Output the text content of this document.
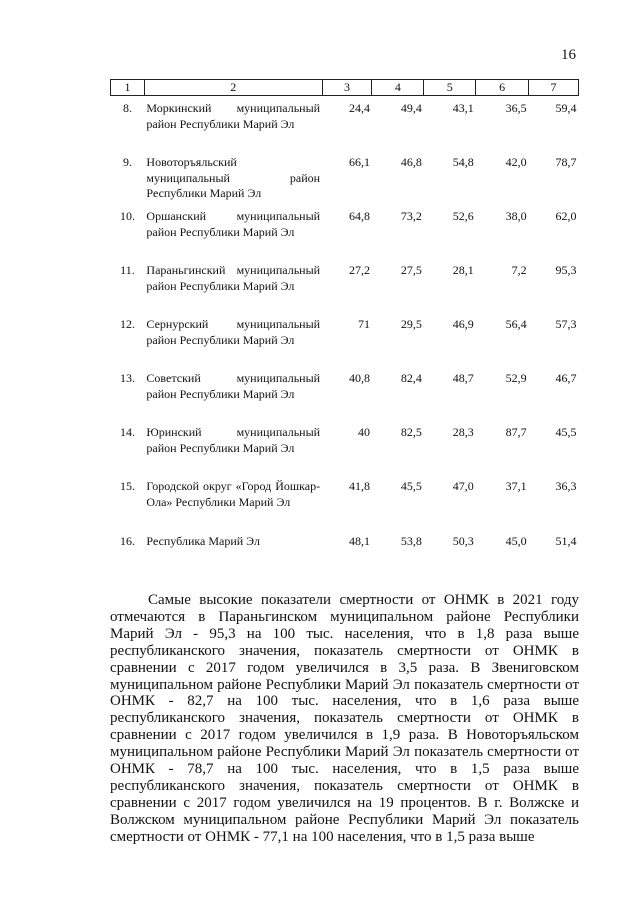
16
1	2	3	4	5	6	7
8.	Моркинский муниципальный район Республики Марий Эл	24,4	49,4	43,1	36,5	59,4
9.	Новоторъяльский муниципальный район Республики Марий Эл	66,1	46,8	54,8	42,0	78,7
10.	Оршанский муниципальный район Республики Марий Эл	64,8	73,2	52,6	38,0	62,0
11.	Параньгинский муниципальный район Республики Марий Эл	27,2	27,5	28,1	7,2	95,3
12.	Сернурский муниципальный район Республики Марий Эл	71	29,5	46,9	56,4	57,3
13.	Советский муниципальный район Республики Марий Эл	40,8	82,4	48,7	52,9	46,7
14.	Юринский муниципальный район Республики Марий Эл	40	82,5	28,3	87,7	45,5
15.	Городской округ «Город Йошкар-Ола» Республики Марий Эл	41,8	45,5	47,0	37,1	36,3
16.	Республика Марий Эл	48,1	53,8	50,3	45,0	51,4

Самые высокие показатели смертности от ОНМК в 2021 году отмечаются в Параньгинском муниципальном районе Республики Марий Эл - 95,3 на 100 тыс. населения, что в 1,8 раза выше республиканского значения, показатель смертности от ОНМК в сравнении с 2017 годом увеличился в 3,5 раза. В Звениговском муниципальном районе Республики Марий Эл показатель смертности от ОНМК - 82,7 на 100 тыс. населения, что в 1,6 раза выше республиканского значения, показатель смертности от ОНМК в сравнении с 2017 годом увеличился в 1,9 раза. В Новоторъяльском муниципальном районе Республики Марий Эл показатель смертности от ОНМК - 78,7 на 100 тыс. населения, что в 1,5 раза выше республиканского значения, показатель смертности от ОНМК в сравнении с 2017 годом увеличился на 19 процентов. В г. Волжске и Волжском муниципальном районе Республики Марий Эл показатель смертности от ОНМК - 77,1 на 100 населения, что в 1,5 раза выше
